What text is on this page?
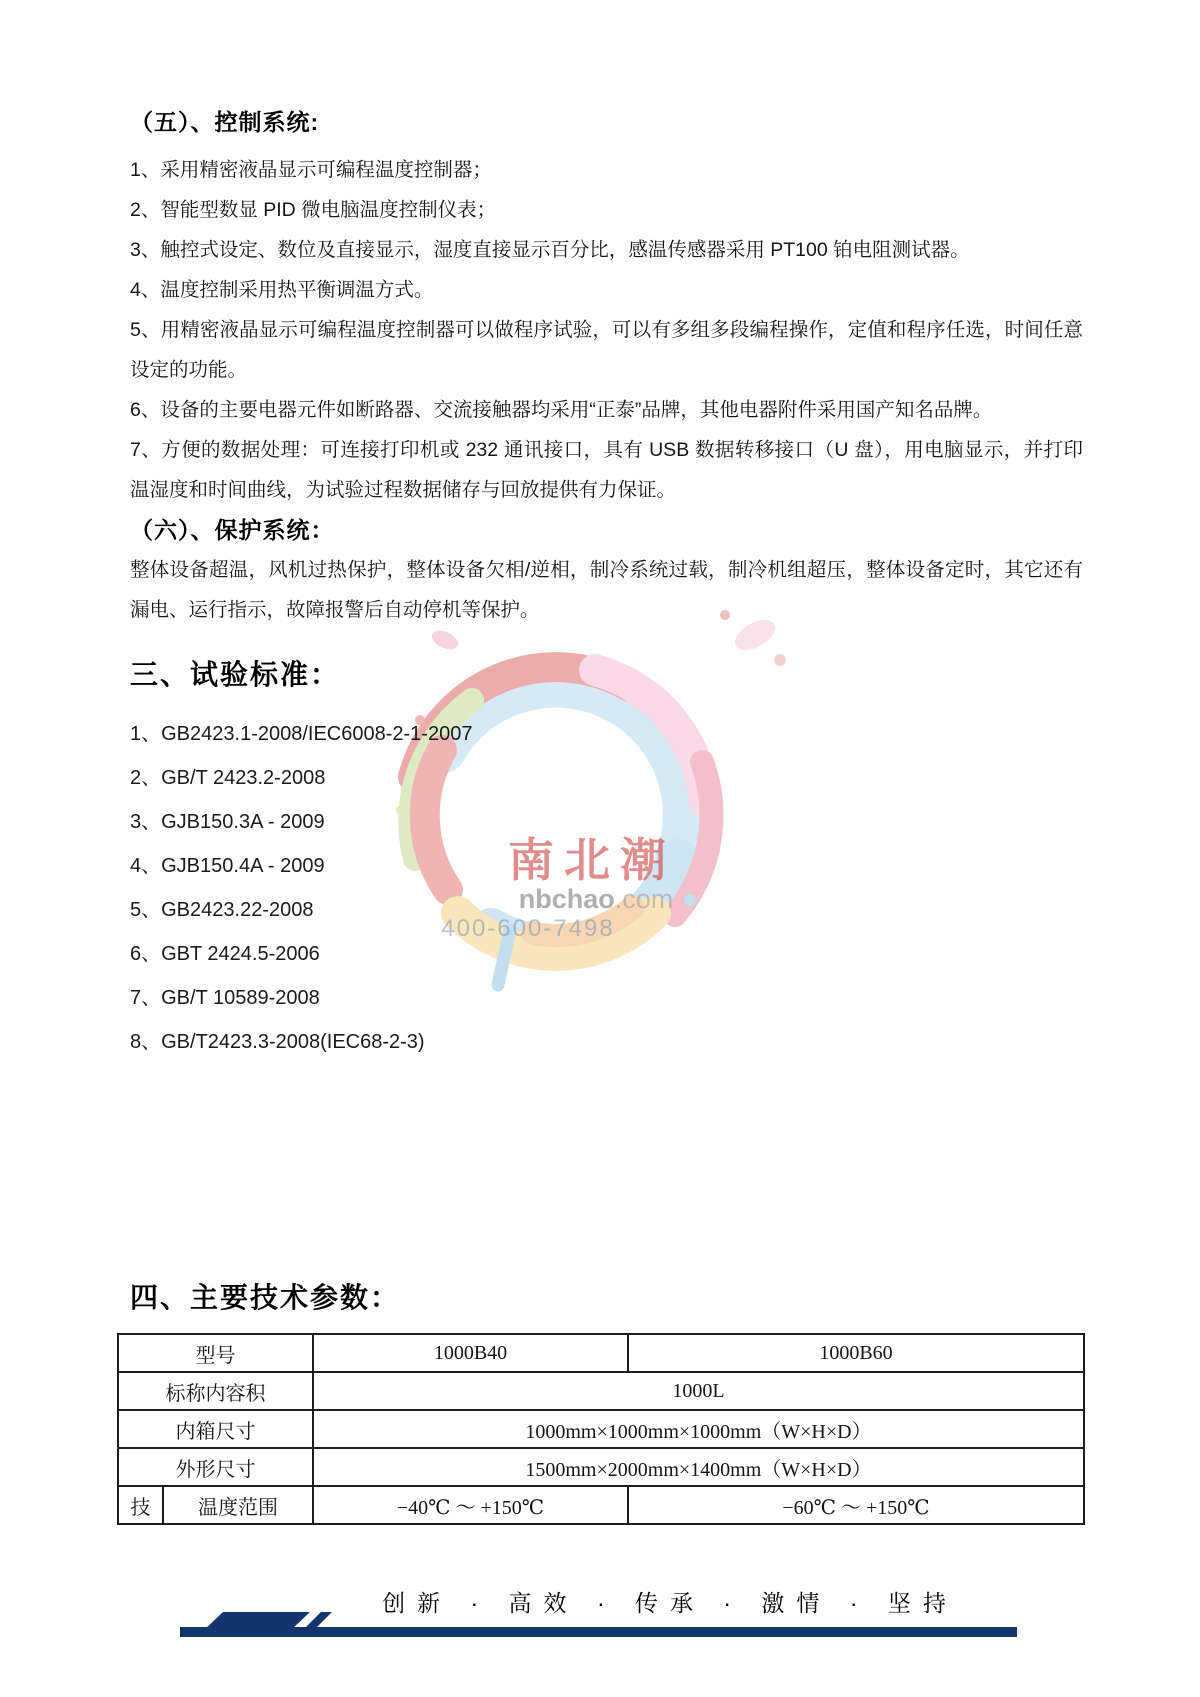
南北潮
nbchao.com
400-600-7498
（五）、控制系统:

1、采用精密液晶显示可编程温度控制器；

2、智能型数显 PID 微电脑温度控制仪表；

3、触控式设定、数位及直接显示，湿度直接显示百分比，感温传感器采用 PT100 铂电阻测试器。

4、温度控制采用热平衡调温方式。

5、用精密液晶显示可编程温度控制器可以做程序试验，可以有多组多段编程操作，定值和程序任选，时间任意设定的功能。

6、设备的主要电器元件如断路器、交流接触器均采用“正泰”品牌，其他电器附件采用国产知名品牌。

7、方便的数据处理：可连接打印机或 232 通讯接口，具有 USB 数据转移接口（U 盘），用电脑显示，并打印温湿度和时间曲线，为试验过程数据储存与回放提供有力保证。

（六）、保护系统：

整体设备超温，风机过热保护，整体设备欠相/逆相，制冷系统过载，制冷机组超压，整体设备定时，其它还有漏电、运行指示，故障报警后自动停机等保护。

三、试验标准：

1、GB2423.1-2008/IEC6008-2-1-2007

2、GB/T 2423.2-2008

3、GJB150.3A - 2009

4、GJB150.4A - 2009

5、GB2423.22-2008

6、GBT 2424.5-2006

7、GB/T 10589-2008

8、GB/T2423.3-2008(IEC68-2-3)

四、主要技术参数：
型号		1000B40	1000B60
标称内容积		1000L	
内箱尺寸		1000mm×1000mm×1000mm（W×H×D）	
外形尺寸		1500mm×2000mm×1400mm（W×H×D）	
技	温度范围	−40℃ ～ +150℃	−60℃ ～ +150℃
创新 · 高效 · 传承 · 激情 · 坚持
